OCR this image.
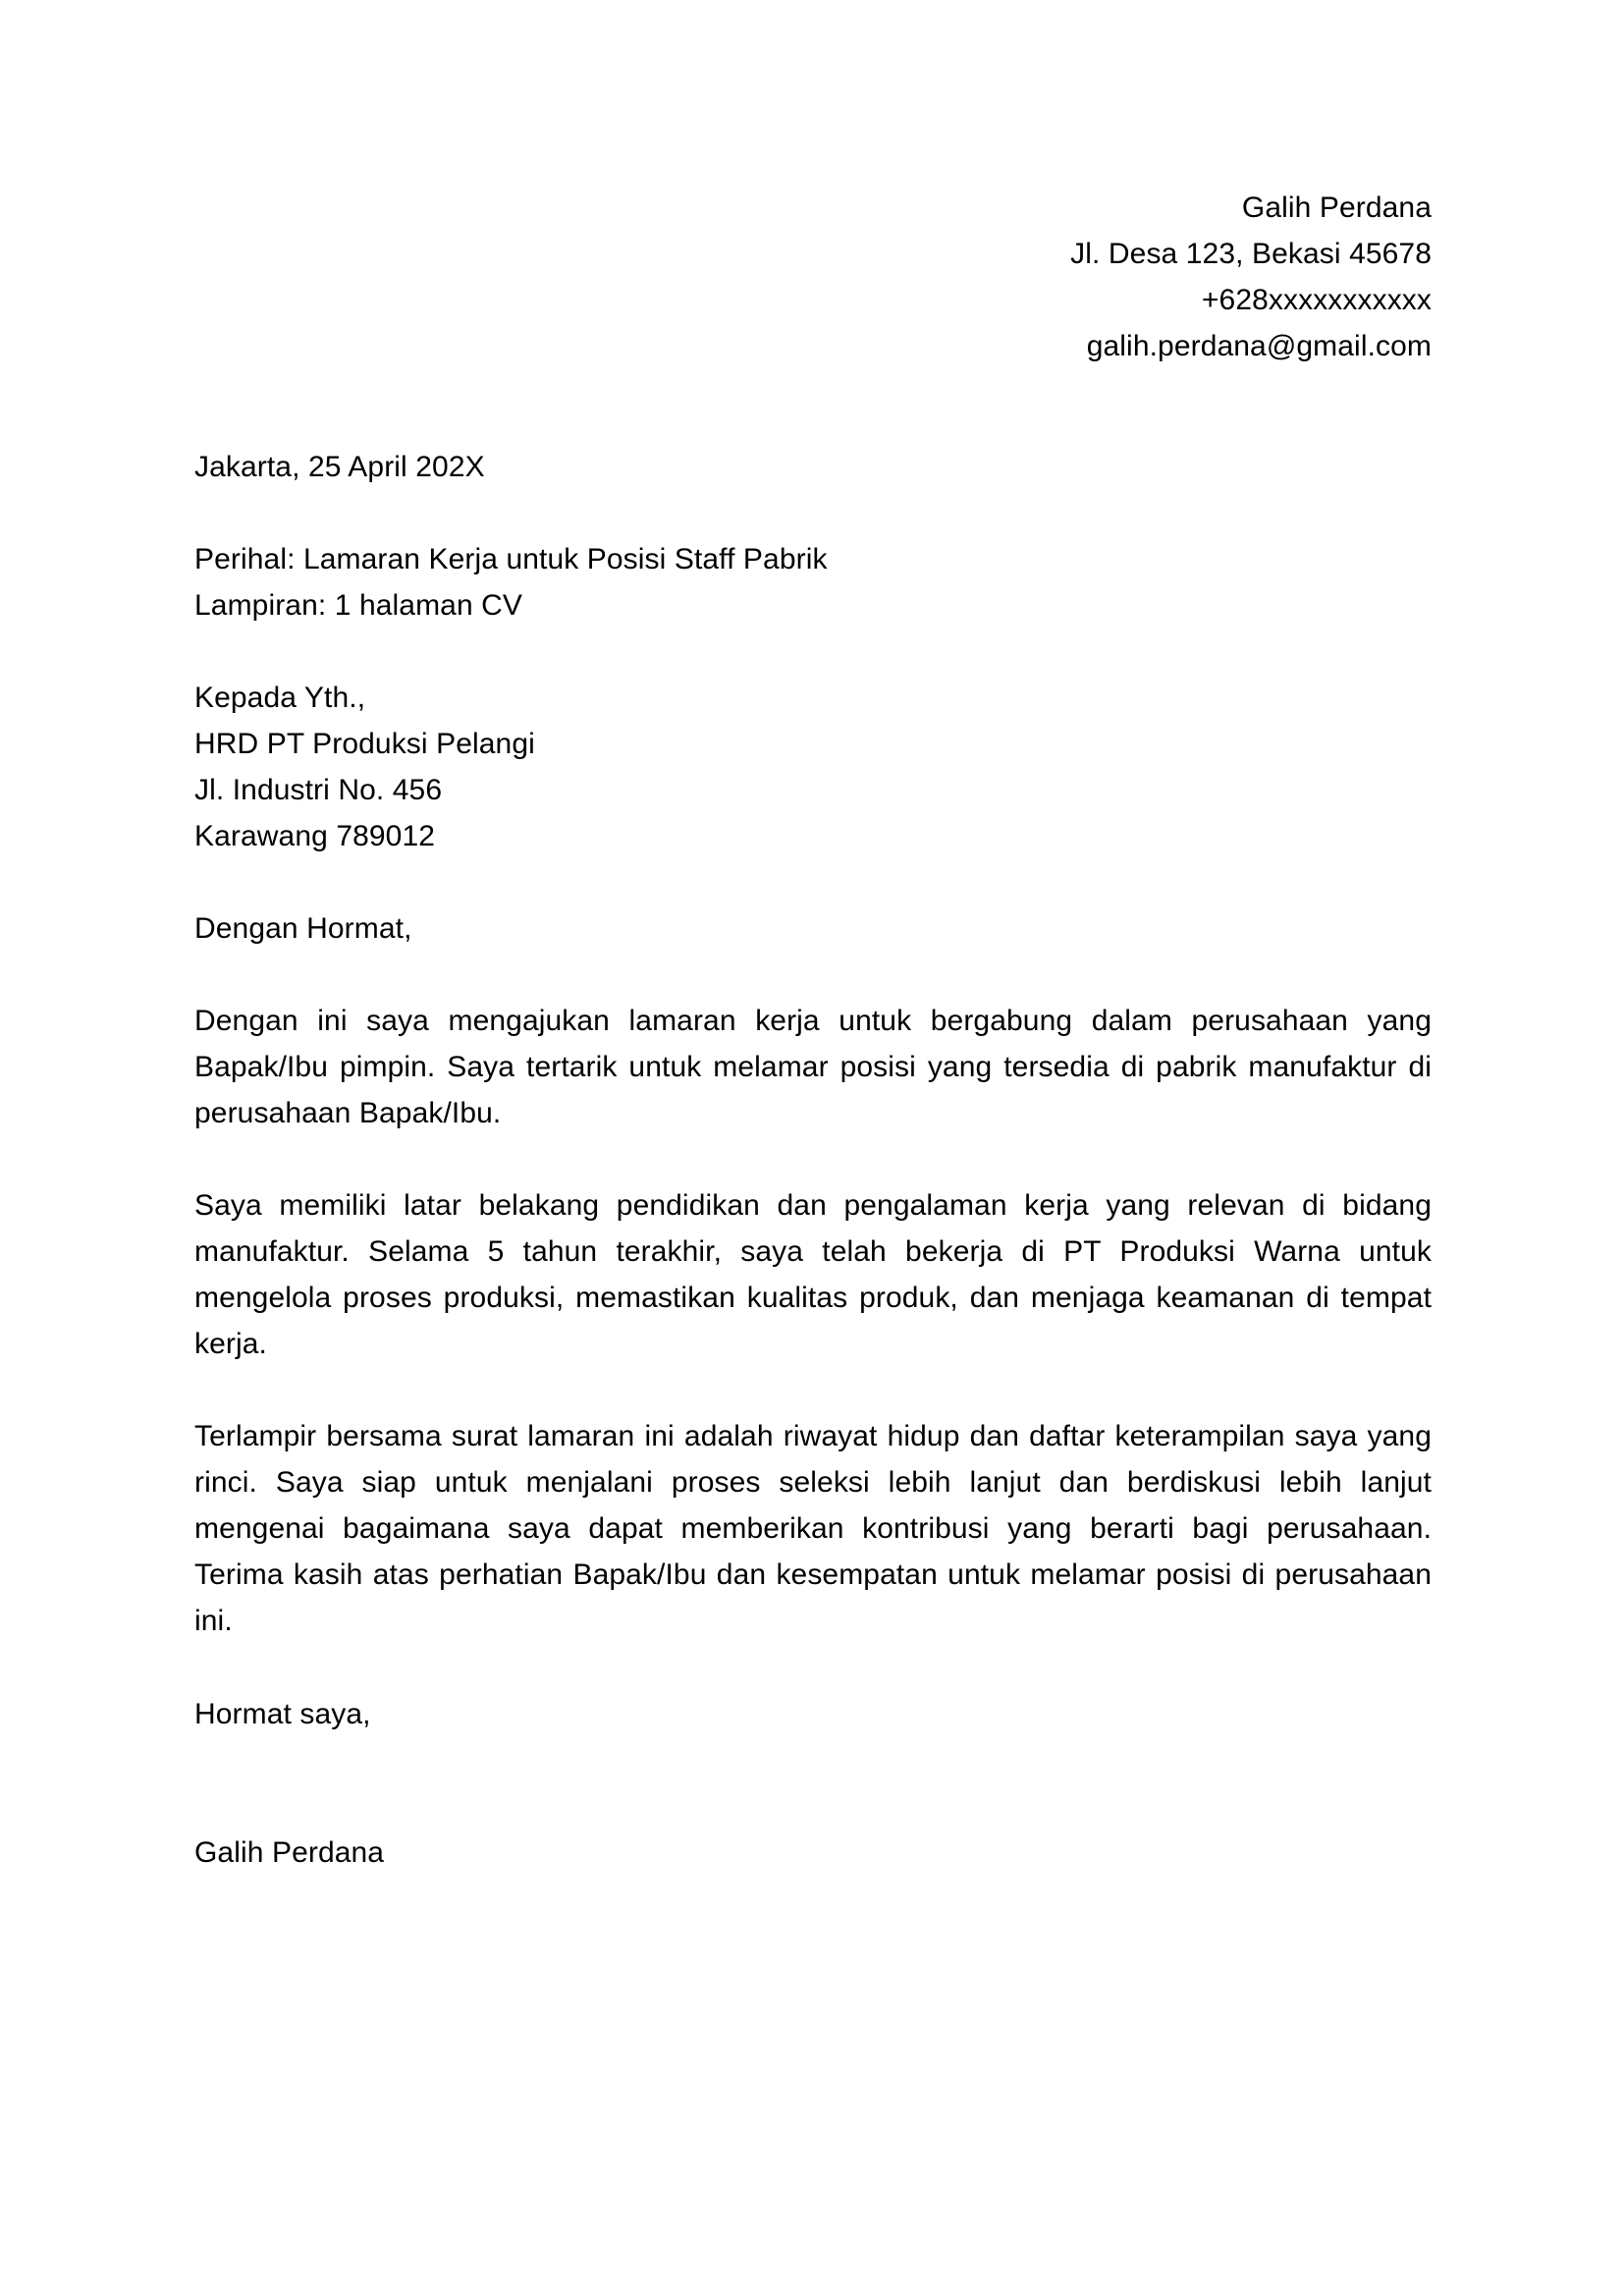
Galih Perdana
Jl. Desa 123, Bekasi 45678
+628xxxxxxxxxxx
galih.perdana@gmail.com
Jakarta, 25 April 202X
Perihal: Lamaran Kerja untuk Posisi Staff Pabrik
Lampiran: 1 halaman CV
Kepada Yth.,
HRD PT Produksi Pelangi
Jl. Industri No. 456
Karawang 789012
Dengan Hormat,

Dengan ini saya mengajukan lamaran kerja untuk bergabung dalam perusahaan yang Bapak/Ibu pimpin. Saya tertarik untuk melamar posisi yang tersedia di pabrik manufaktur di perusahaan Bapak/Ibu.

Saya memiliki latar belakang pendidikan dan pengalaman kerja yang relevan di bidang manufaktur. Selama 5 tahun terakhir, saya telah bekerja di PT Produksi Warna untuk mengelola proses produksi, memastikan kualitas produk, dan menjaga keamanan di tempat kerja.

Terlampir bersama surat lamaran ini adalah riwayat hidup dan daftar keterampilan saya yang rinci. Saya siap untuk menjalani proses seleksi lebih lanjut dan berdiskusi lebih lanjut mengenai bagaimana saya dapat memberikan kontribusi yang berarti bagi perusahaan. Terima kasih atas perhatian Bapak/Ibu dan kesempatan untuk melamar posisi di perusahaan ini.

Hormat saya,
Galih Perdana
